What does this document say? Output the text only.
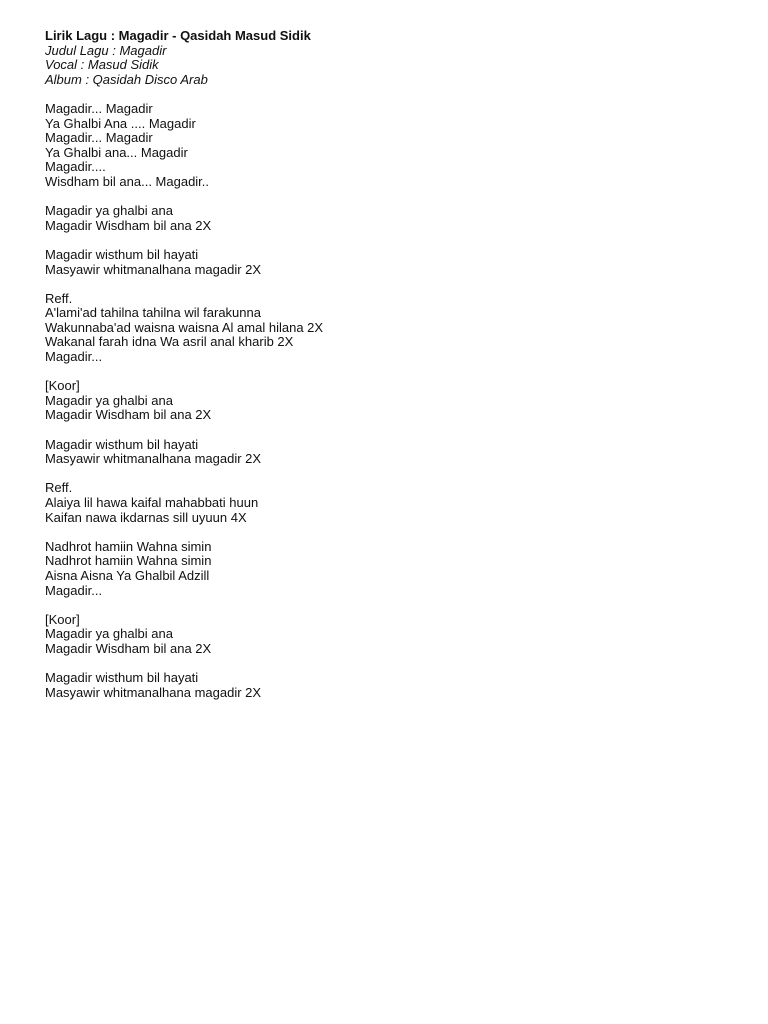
Lirik Lagu : Magadir - Qasidah Masud Sidik
Judul Lagu : Magadir
Vocal : Masud Sidik
Album : Qasidah Disco Arab
Magadir... Magadir
Ya Ghalbi Ana .... Magadir
Magadir... Magadir
Ya Ghalbi ana... Magadir
Magadir....
Wisdham bil ana... Magadir..
Magadir ya ghalbi ana
Magadir Wisdham bil ana 2X
Magadir wisthum bil hayati
Masyawir whitmanalhana magadir 2X
Reff.
A'lami'ad tahilna tahilna wil farakunna
Wakunnaba'ad waisna waisna Al amal hilana 2X
Wakanal farah idna Wa asril anal kharib 2X
Magadir...
[Koor]
Magadir ya ghalbi ana
Magadir Wisdham bil ana 2X
Magadir wisthum bil hayati
Masyawir whitmanalhana magadir 2X
Reff.
Alaiya lil hawa kaifal mahabbati huun
Kaifan nawa ikdarnas sill uyuun 4X
Nadhrot hamiin Wahna simin
Nadhrot hamiin Wahna simin
Aisna Aisna Ya Ghalbil Adzill
Magadir...
[Koor]
Magadir ya ghalbi ana
Magadir Wisdham bil ana 2X
Magadir wisthum bil hayati
Masyawir whitmanalhana magadir 2X
